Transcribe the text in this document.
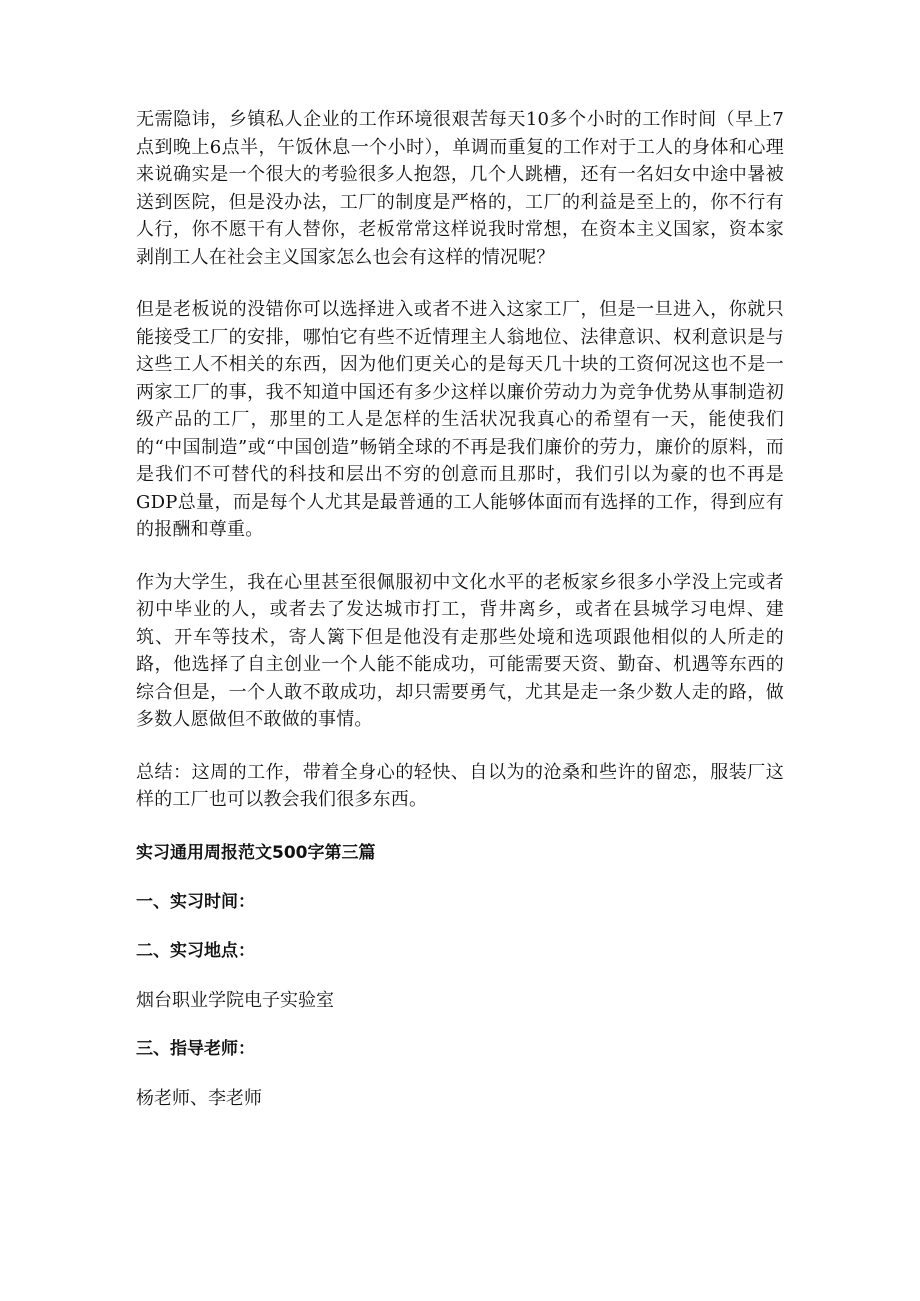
无需隐讳，乡镇私人企业的工作环境很艰苦每天10多个小时的工作时间（早上7点到晚上6点半，午饭休息一个小时），单调而重复的工作对于工人的身体和心理来说确实是一个很大的考验很多人抱怨，几个人跳槽，还有一名妇女中途中暑被送到医院，但是没办法，工厂的制度是严格的，工厂的利益是至上的，你不行有人行，你不愿干有人替你，老板常常这样说我时常想，在资本主义国家，资本家剥削工人在社会主义国家怎么也会有这样的情况呢？

但是老板说的没错你可以选择进入或者不进入这家工厂，但是一旦进入，你就只能接受工厂的安排，哪怕它有些不近情理主人翁地位、法律意识、权利意识是与这些工人不相关的东西，因为他们更关心的是每天几十块的工资何况这也不是一两家工厂的事，我不知道中国还有多少这样以廉价劳动力为竞争优势从事制造初级产品的工厂，那里的工人是怎样的生活状况我真心的希望有一天，能使我们的“中国制造”或“中国创造”畅销全球的不再是我们廉价的劳力，廉价的原料，而是我们不可替代的科技和层出不穷的创意而且那时，我们引以为豪的也不再是GDP总量，而是每个人尤其是最普通的工人能够体面而有选择的工作，得到应有的报酬和尊重。

作为大学生，我在心里甚至很佩服初中文化水平的老板家乡很多小学没上完或者初中毕业的人，或者去了发达城市打工，背井离乡，或者在县城学习电焊、建筑、开车等技术，寄人篱下但是他没有走那些处境和选项跟他相似的人所走的路，他选择了自主创业一个人能不能成功，可能需要天资、勤奋、机遇等东西的综合但是，一个人敢不敢成功，却只需要勇气，尤其是走一条少数人走的路，做多数人愿做但不敢做的事情。

总结：这周的工作，带着全身心的轻快、自以为的沧桑和些许的留恋，服装厂这样的工厂也可以教会我们很多东西。

实习通用周报范文500字第三篇
一、实习时间：
二、实习地点：
烟台职业学院电子实验室
三、指导老师：
杨老师、李老师
